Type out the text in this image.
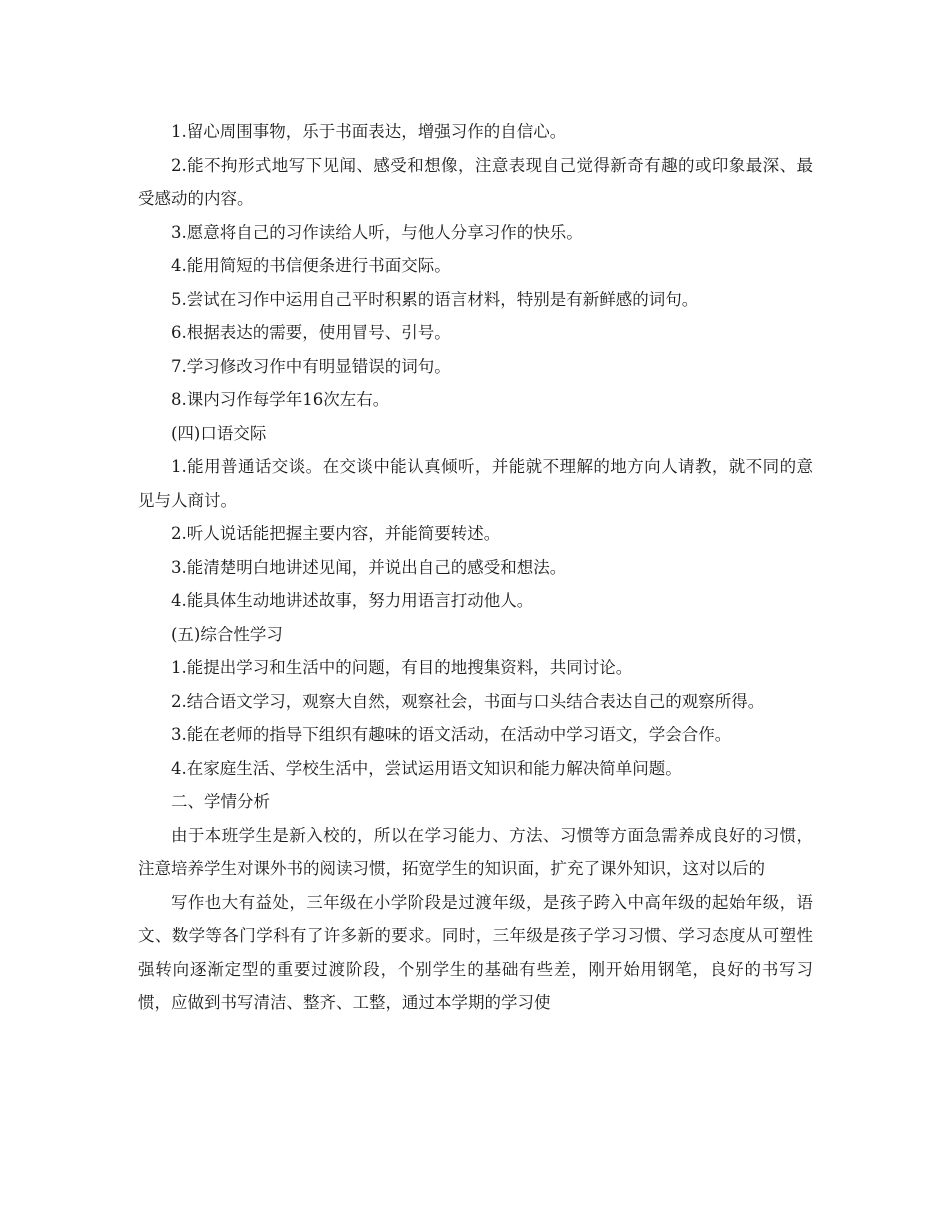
1.留心周围事物，乐于书面表达，增强习作的自信心。

2.能不拘形式地写下见闻、感受和想像，注意表现自己觉得新奇有趣的或印象最深、最受感动的内容。

3.愿意将自己的习作读给人听，与他人分享习作的快乐。

4.能用简短的书信便条进行书面交际。

5.尝试在习作中运用自己平时积累的语言材料，特别是有新鲜感的词句。

6.根据表达的需要，使用冒号、引号。

7.学习修改习作中有明显错误的词句。

8.课内习作每学年16次左右。

(四)口语交际

1.能用普通话交谈。在交谈中能认真倾听，并能就不理解的地方向人请教，就不同的意见与人商讨。

2.听人说话能把握主要内容，并能简要转述。

3.能清楚明白地讲述见闻，并说出自己的感受和想法。

4.能具体生动地讲述故事，努力用语言打动他人。

(五)综合性学习

1.能提出学习和生活中的问题，有目的地搜集资料，共同讨论。

2.结合语文学习，观察大自然，观察社会，书面与口头结合表达自己的观察所得。

3.能在老师的指导下组织有趣味的语文活动，在活动中学习语文，学会合作。

4.在家庭生活、学校生活中，尝试运用语文知识和能力解决简单问题。

二、学情分析

由于本班学生是新入校的，所以在学习能力、方法、习惯等方面急需养成良好的习惯，注意培养学生对课外书的阅读习惯，拓宽学生的知识面，扩充了课外知识，这对以后的

写作也大有益处，三年级在小学阶段是过渡年级，是孩子跨入中高年级的起始年级，语文、数学等各门学科有了许多新的要求。同时，三年级是孩子学习习惯、学习态度从可塑性强转向逐渐定型的重要过渡阶段，个别学生的基础有些差，刚开始用钢笔，良好的书写习惯，应做到书写清洁、整齐、工整，通过本学期的学习使
